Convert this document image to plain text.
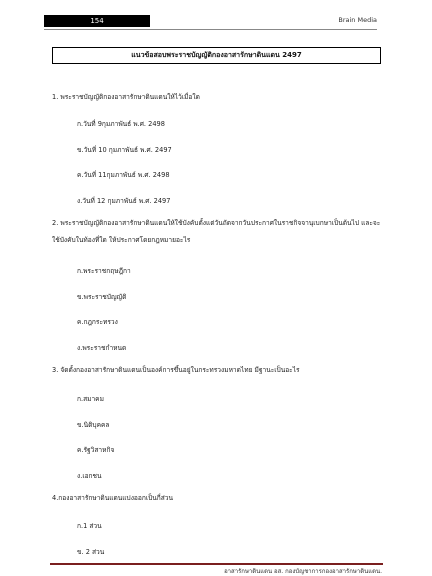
154	Brain Media
แนวข้อสอบพระราชบัญญัติกองอาสารักษาดินแดน 2497
1. พระราชบัญญัติกองอาสารักษาดินแดนให้ไว้เมื่อใด
ก.วันที่ 9กุมภาพันธ์ พ.ศ. 2498
ข.วันที่ 10 กุมภาพันธ์ พ.ศ. 2497
ค.วันที่ 11กุมภาพันธ์ พ.ศ. 2498
ง.วันที่ 12 กุมภาพันธ์ พ.ศ. 2497
2. พระราชบัญญัติกองอาสารักษาดินแดนให้ใช้บังคับตั้งแต่วันถัดจากวันประกาศในราชกิจจานุเบกษาเป็นต้นไป และจะใช้บังคับในท้องที่ใด ให้ประกาศโดยกฎหมายอะไร
ก.พระราชกฤษฎีกา
ข.พระราชบัญญัติ
ค.กฎกระทรวง
ง.พระราชกำหนด
3. จัดตั้งกองอาสารักษาดินแดนเป็นองค์การขึ้นอยู่ในกระทรวงมหาดไทย มีฐานะเป็นอะไร
ก.สมาคม
ข.นิติบุคคล
ค.รัฐวิสาหกิจ
ง.เอกชน
4.กองอาสารักษาดินแดนแบ่งออกเป็นกี่ส่วน
ก.1 ส่วน
ข. 2 ส่วน
อาสารักษาดินแดน อส. กองบัญชาการกองอาสารักษาดินแดน.
